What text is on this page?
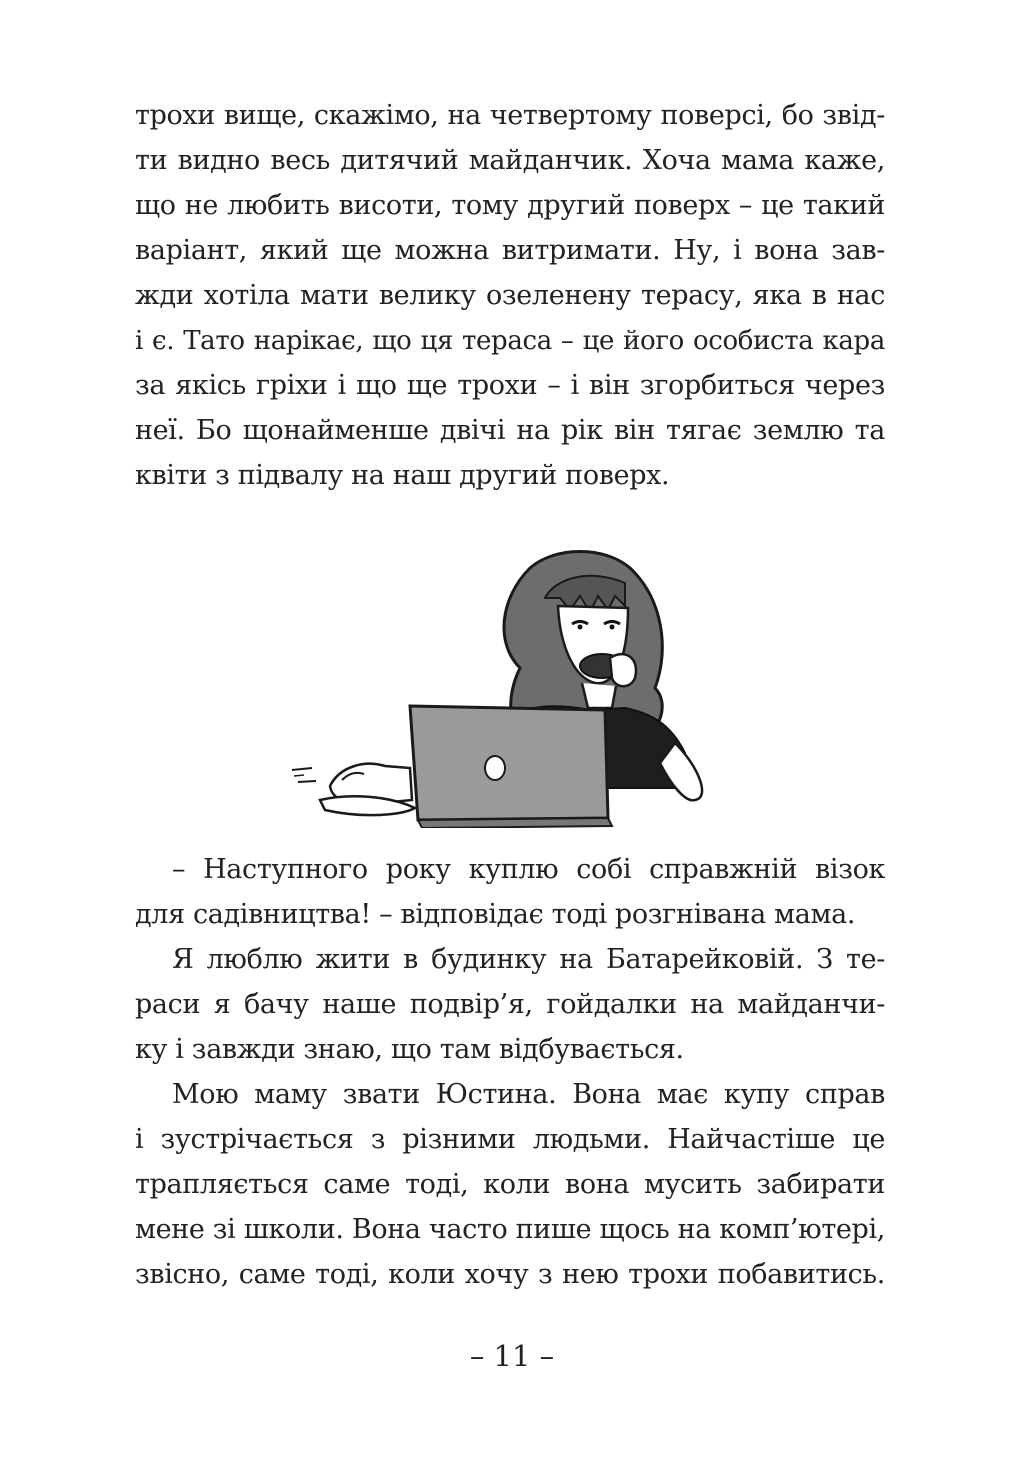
трохи вище, скажімо, на четвертому поверсі, бо звід-
ти видно весь дитячий майданчик. Хоча мама каже,
що не любить висоти, тому другий поверх – це такий
варіант, який ще можна витримати. Ну, і вона зав-
жди хотіла мати велику озеленену терасу, яка в нас
і є. Тато нарікає, що ця тераса – це його особиста кара
за якісь гріхи і що ще трохи – і він згорбиться через
неї. Бо щонайменше двічі на рік він тягає землю та
квіти з підвалу на наш другий поверх.
– Наступного року куплю собі справжній візок
для садівництва! – відповідає тоді розгнівана мама.
Я люблю жити в будинку на Батарейковій. З те-
раси я бачу наше подвір’я, гойдалки на майданчи-
ку і завжди знаю, що там відбувається.
Мою маму звати Юстина. Вона має купу справ
і зустрічається з різними людьми. Найчастіше це
трапляється саме тоді, коли вона мусить забирати
мене зі школи. Вона часто пише щось на комп’ютері,
звісно, саме тоді, коли хочу з нею трохи побавитись.
– 11 –
